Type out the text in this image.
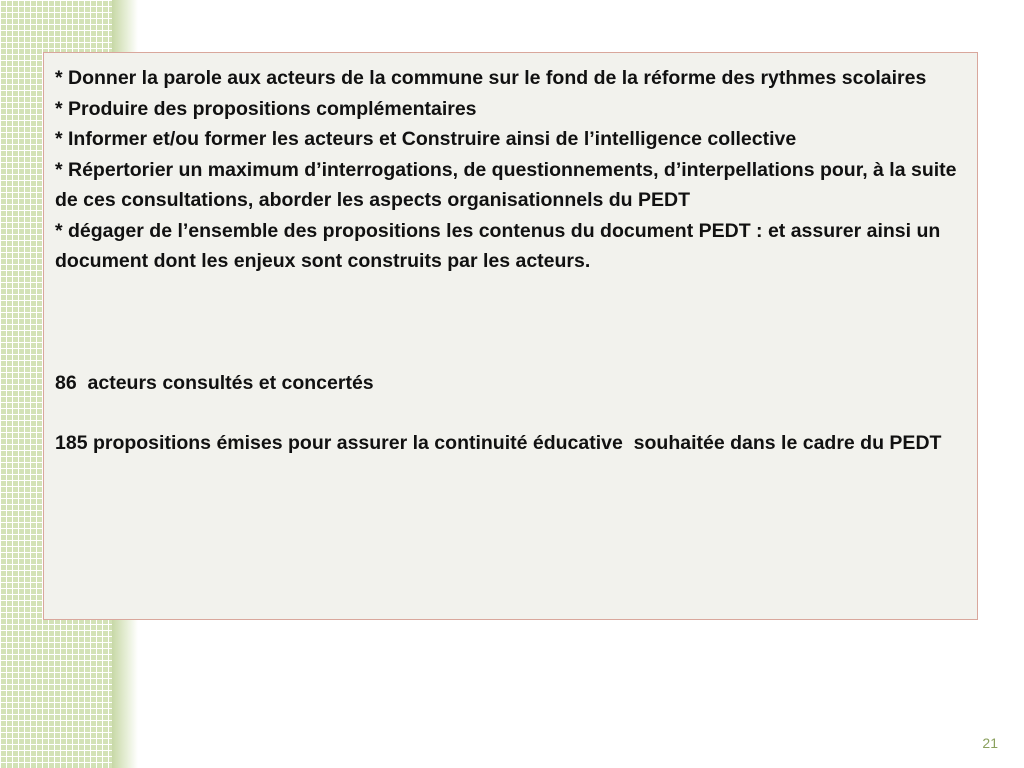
* Donner la parole aux acteurs de la commune sur le fond de la réforme des rythmes scolaires

* Produire des propositions complémentaires

* Informer et/ou former les acteurs et Construire ainsi de l’intelligence collective

* Répertorier un maximum d’interrogations, de questionnements, d’interpellations pour, à la suite de ces consultations, aborder les aspects organisationnels du PEDT

* dégager de l’ensemble des propositions les contenus du document PEDT : et assurer ainsi un document dont les enjeux sont construits par les acteurs.

86  acteurs consultés et concertés

185 propositions émises pour assurer la continuité éducative  souhaitée dans le cadre du PEDT

21
